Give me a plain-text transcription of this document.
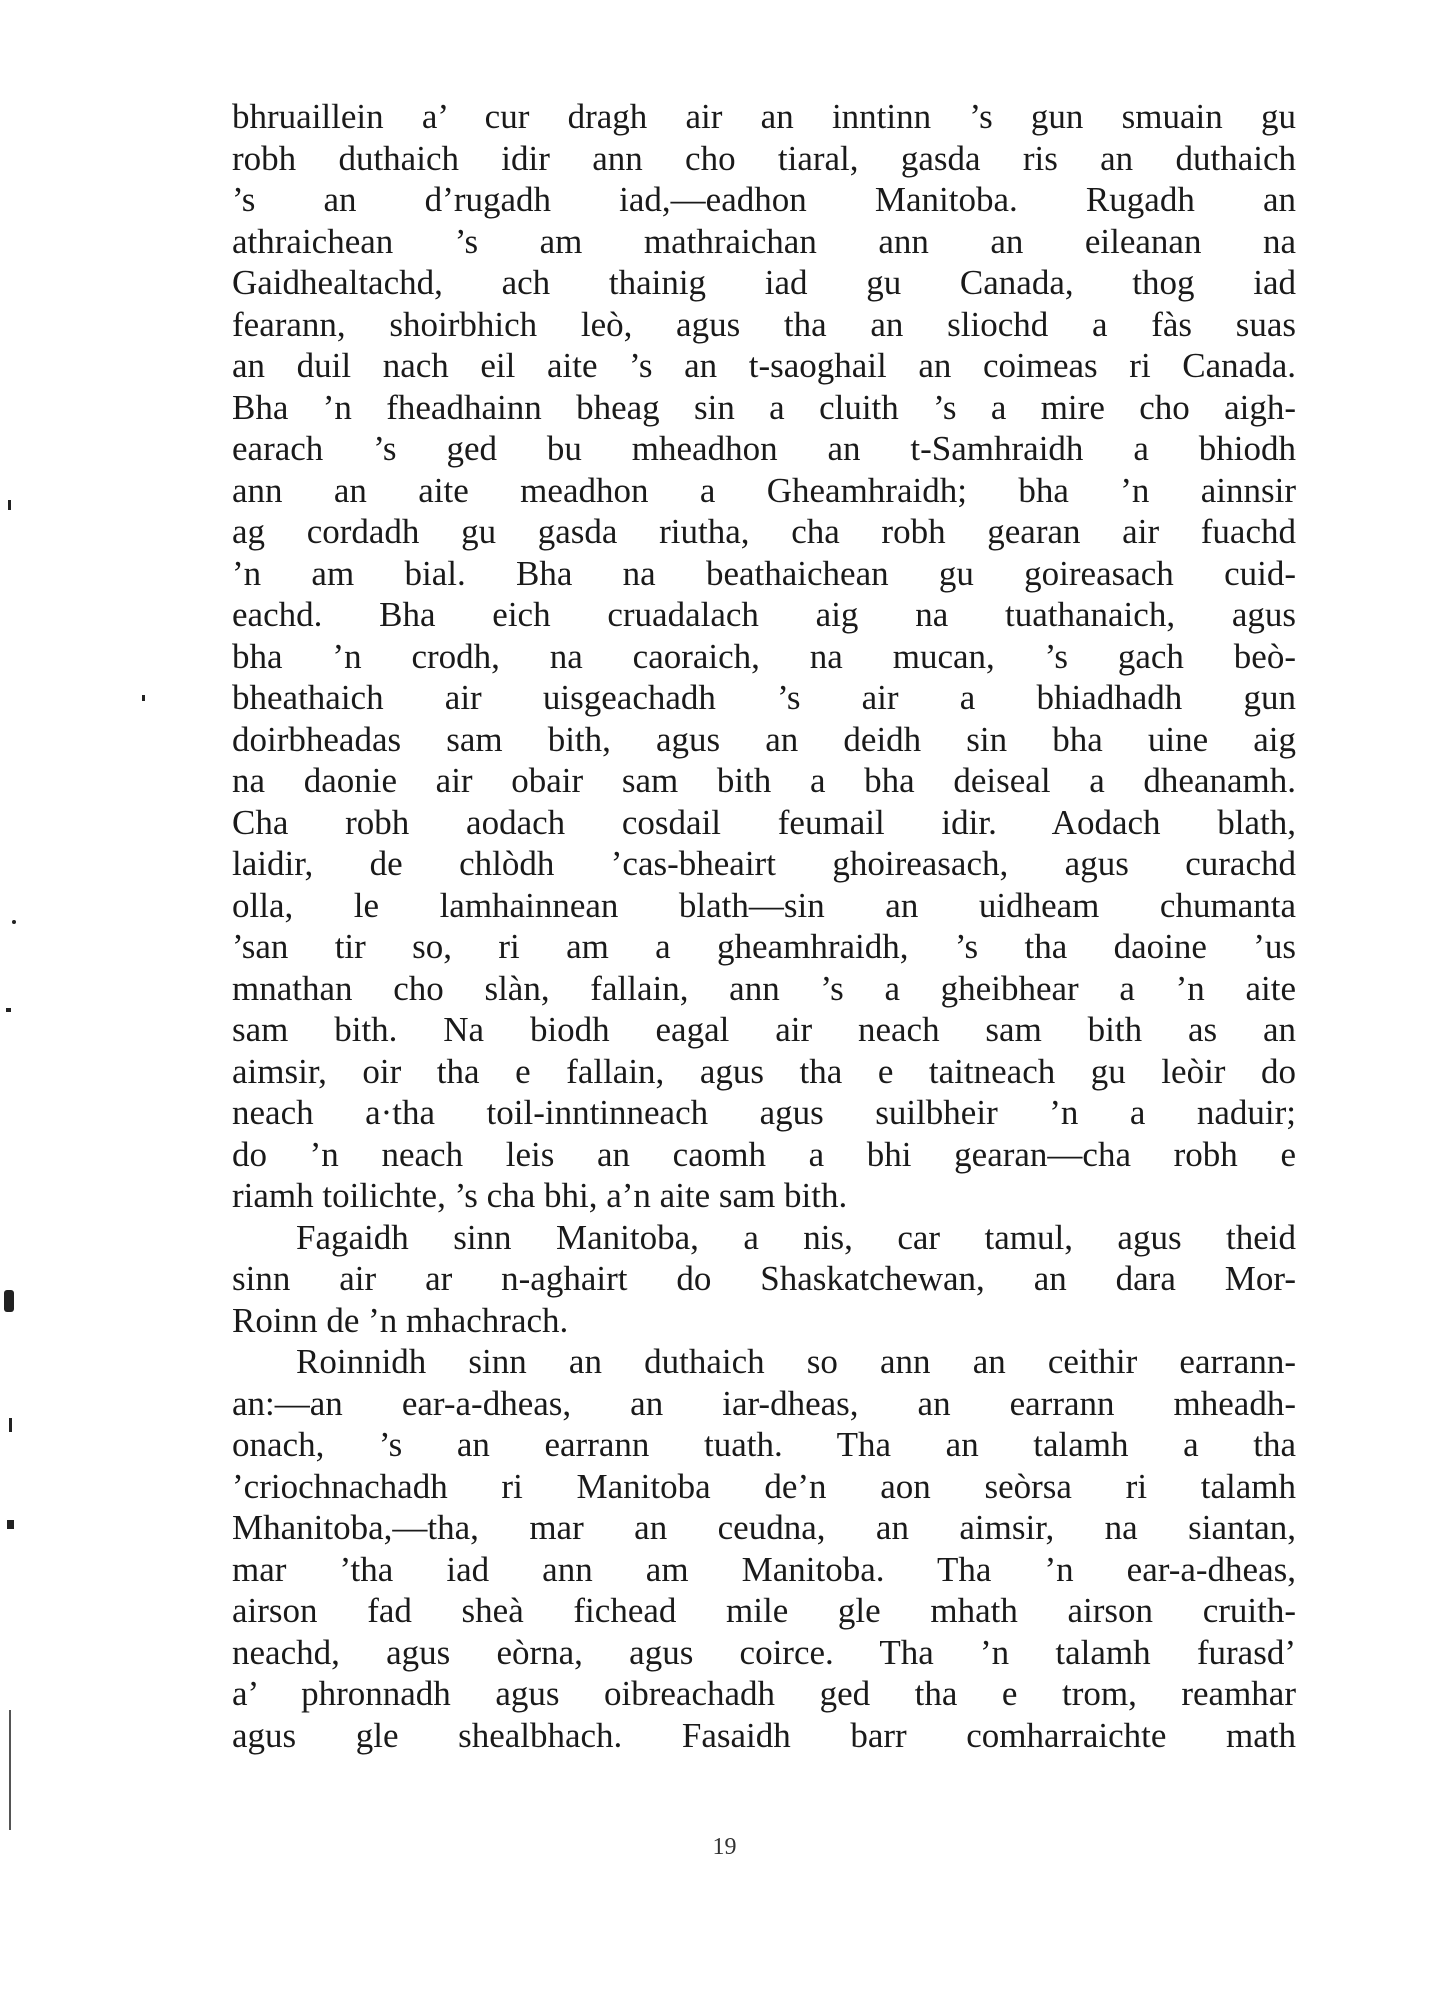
bhruaillein a’ cur dragh air an inntinn ’s gun smuain gu
robh duthaich idir ann cho tiaral, gasda ris an duthaich
’s an d’rugadh iad,—eadhon Manitoba. Rugadh an
athraichean ’s am mathraichan ann an eileanan na
Gaidhealtachd, ach thainig iad gu Canada, thog iad
fearann, shoirbhich leò, agus tha an sliochd a fàs suas
an duil nach eil aite ’s an t-saoghail an coimeas ri Canada.
Bha ’n fheadhainn bheag sin a cluith ’s a mire cho aigh-
earach ’s ged bu mheadhon an t-Samhraidh a bhiodh
ann an aite meadhon a Gheamhraidh; bha ’n ainnsir
ag cordadh gu gasda riutha, cha robh gearan air fuachd
’n am bial. Bha na beathaichean gu goireasach cuid-
eachd. Bha eich cruadalach aig na tuathanaich, agus
bha ’n crodh, na caoraich, na mucan, ’s gach beò-
bheathaich air uisgeachadh ’s air a bhiadhadh gun
doirbheadas sam bith, agus an deidh sin bha uine aig
na daonie air obair sam bith a bha deiseal a dheanamh.
Cha robh aodach cosdail feumail idir. Aodach blath,
laidir, de chlòdh ’cas-bheairt ghoireasach, agus curachd
olla, le lamhainnean blath—sin an uidheam chumanta
’san tir so, ri am a gheamhraidh, ’s tha daoine ’us
mnathan cho slàn, fallain, ann ’s a gheibhear a ’n aite
sam bith. Na biodh eagal air neach sam bith as an
aimsir, oir tha e fallain, agus tha e taitneach gu leòir do
neach a·tha toil-inntinneach agus suilbheir ’n a naduir;
do ’n neach leis an caomh a bhi gearan—cha robh e
riamh toilichte, ’s cha bhi, a’n aite sam bith.
Fagaidh sinn Manitoba, a nis, car tamul, agus theid
sinn air ar n-aghairt do Shaskatchewan, an dara Mor-
Roinn de ’n mhachrach.
Roinnidh sinn an duthaich so ann an ceithir earrann-
an:—an ear-a-dheas, an iar-dheas, an earrann mheadh-
onach, ’s an earrann tuath. Tha an talamh a tha
’criochnachadh ri Manitoba de’n aon seòrsa ri talamh
Mhanitoba,—tha, mar an ceudna, an aimsir, na siantan,
mar ’tha iad ann am Manitoba. Tha ’n ear-a-dheas,
airson fad sheà fichead mile gle mhath airson cruith-
neachd, agus eòrna, agus coirce. Tha ’n talamh furasd’
a’ phronnadh agus oibreachadh ged tha e trom, reamhar
agus gle shealbhach. Fasaidh barr comharraichte math
19
